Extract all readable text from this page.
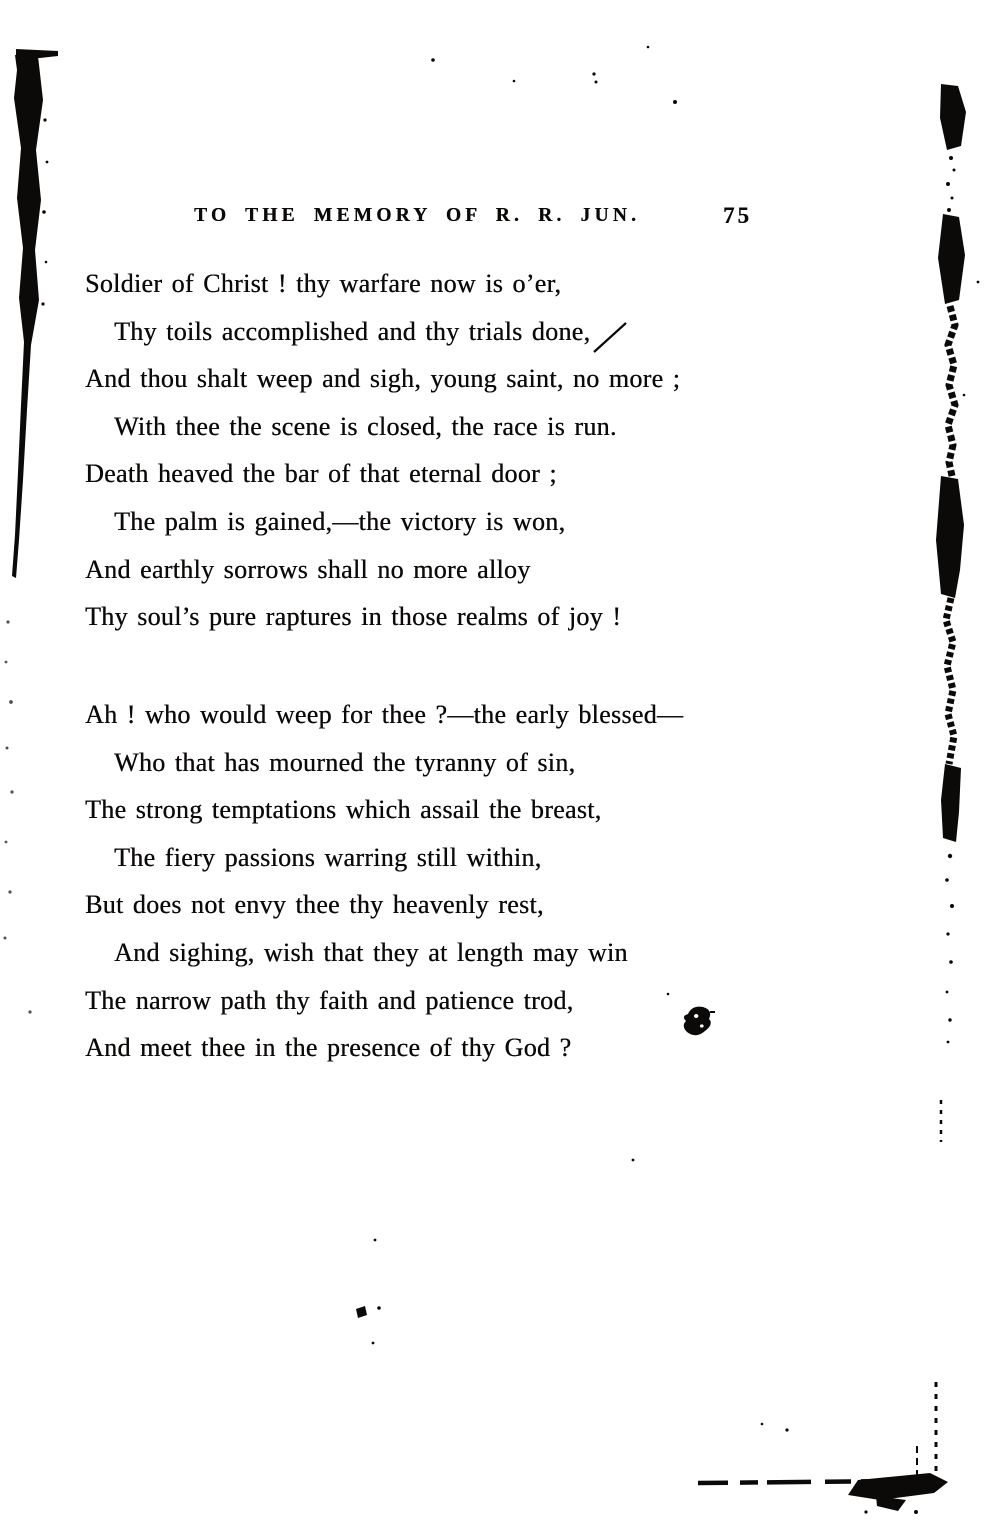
TO THE MEMORY OF R. R. JUN.	75
Soldier of Christ ! thy warfare now is o’er,
Thy toils accomplished and thy trials done,
And thou shalt weep and sigh, young saint, no more ;
With thee the scene is closed, the race is run.
Death heaved the bar of that eternal door ;
The palm is gained,—the victory is won,
And earthly sorrows shall no more alloy
Thy soul’s pure raptures in those realms of joy !
Ah ! who would weep for thee ?—the early blessed—
Who that has mourned the tyranny of sin,
The strong temptations which assail the breast,
The fiery passions warring still within,
But does not envy thee thy heavenly rest,
And sighing, wish that they at length may win
The narrow path thy faith and patience trod,
And meet thee in the presence of thy God ?
